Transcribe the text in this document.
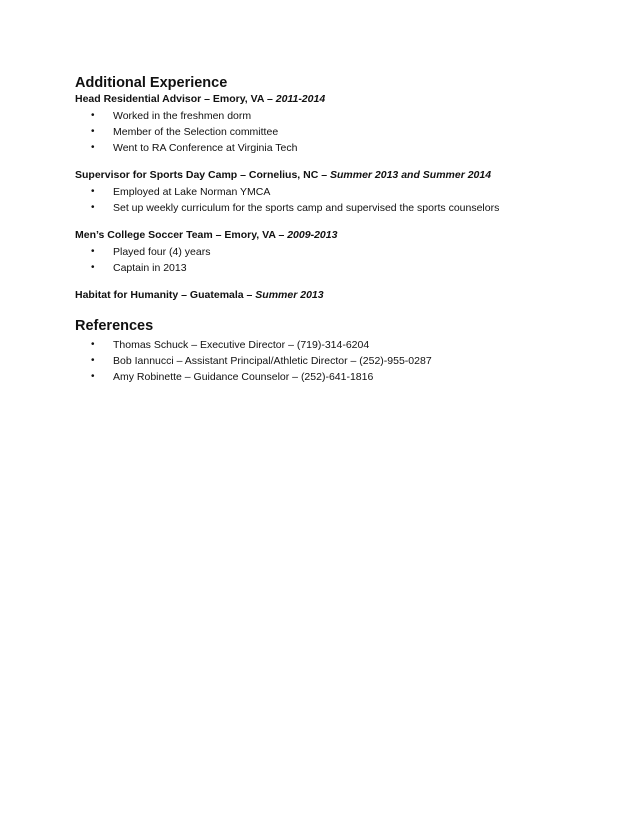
Additional Experience

Head Residential Advisor – Emory, VA – 2011-2014

• Worked in the freshmen dorm
• Member of the Selection committee
• Went to RA Conference at Virginia Tech

Supervisor for Sports Day Camp – Cornelius, NC – Summer 2013 and Summer 2014

• Employed at Lake Norman YMCA
• Set up weekly curriculum for the sports camp and supervised the sports counselors

Men’s College Soccer Team – Emory, VA – 2009-2013

• Played four (4) years
• Captain in 2013

Habitat for Humanity – Guatemala – Summer 2013

References
• Thomas Schuck – Executive Director – (719)-314-6204
• Bob Iannucci – Assistant Principal/Athletic Director – (252)-955-0287
• Amy Robinette – Guidance Counselor – (252)-641-1816
